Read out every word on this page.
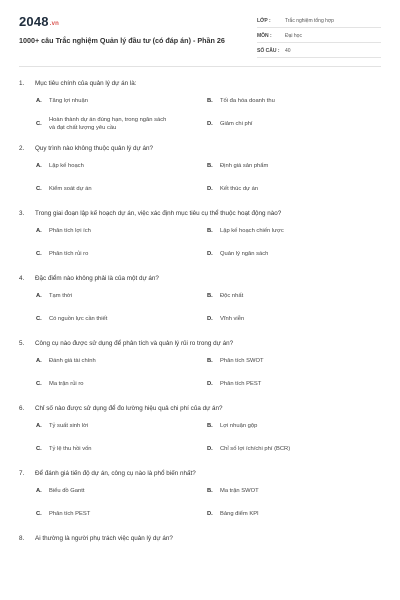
2048.vn
1000+ câu Trắc nghiệm Quản lý đầu tư (có đáp án) - Phần 26
LỚP :	Trắc nghiệm tổng hợp
MÔN :	Đại học
SỐ CÂU :	40
1.	Mục tiêu chính của quản lý dự án là:
A.	Tăng lợi nhuận	B.	Tối đa hóa doanh thu
C.
Hoàn thành dự án đúng hạn, trong ngân sách và đạt chất lượng yêu cầu
D.	Giảm chi phí
2.	Quy trình nào không thuộc quản lý dự án?
A.	Lập kế hoạch	B.	Định giá sản phẩm
C.	Kiểm soát dự án	D.	Kết thúc dự án
3.	Trong giai đoạn lập kế hoạch dự án, việc xác định mục tiêu cụ thể thuộc hoạt động nào?
A.	Phân tích lợi ích	B.	Lập kế hoạch chiến lược
C.	Phân tích rủi ro	D.	Quản lý ngân sách
4.	Đặc điểm nào không phải là của một dự án?
A.	Tạm thời	B.	Độc nhất
C.	Có nguồn lực cần thiết	D.	Vĩnh viễn
5.	Công cụ nào được sử dụng để phân tích và quản lý rủi ro trong dự án?
A.	Đánh giá tài chính	B.	Phân tích SWOT
C.	Ma trận rủi ro	D.	Phân tích PEST
6.	Chỉ số nào được sử dụng để đo lường hiệu quả chi phí của dự án?
A.	Tỷ suất sinh lời	B.	Lợi nhuận gộp
C.	Tỷ lệ thu hồi vốn	D.	Chỉ số lợi ích/chi phí (BCR)
7.	Để đánh giá tiến độ dự án, công cụ nào là phổ biến nhất?
A.	Biểu đồ Gantt	B.	Ma trận SWOT
C.	Phân tích PEST	D.	Bảng điểm KPI
8.	Ai thường là người phụ trách việc quản lý dự án?
